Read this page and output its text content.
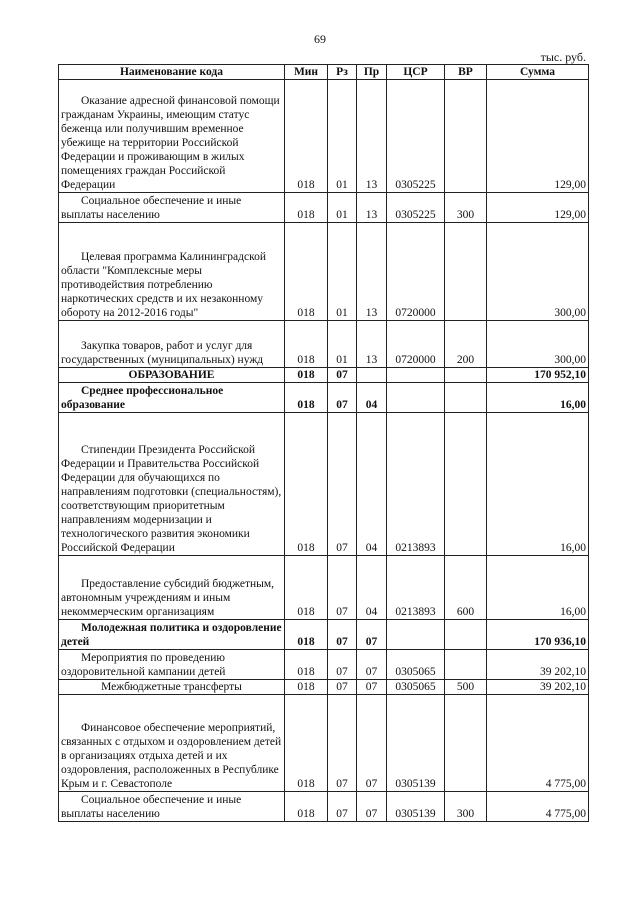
69
тыс. руб.
Наименование кода	Мин	Рз	Пр	ЦСР	ВР	Сумма
Оказание адресной финансовой помощи гражданам Украины, имеющим статус беженца или получившим временное убежище на территории Российской Федерации и проживающим в жилых помещениях граждан Российской Федерации	018	01	13	0305225		129,00
Социальное обеспечение и иные выплаты населению	018	01	13	0305225	300	129,00
Целевая программа Калининградской области "Комплексные меры противодействия потреблению наркотических средств и их незаконному обороту на 2012-2016 годы"	018	01	13	0720000		300,00
Закупка товаров, работ и услуг для государственных (муниципальных) нужд	018	01	13	0720000	200	300,00
ОБРАЗОВАНИЕ	018	07				170 952,10
Среднее профессиональное образование	018	07	04			16,00
Стипендии Президента Российской Федерации и Правительства Российской Федерации для обучающихся по направлениям подготовки (специальностям), соответствующим приоритетным направлениям модернизации и технологического развития экономики Российской Федерации	018	07	04	0213893		16,00
Предоставление субсидий бюджетным, автономным учреждениям и иным некоммерческим организациям	018	07	04	0213893	600	16,00
Молодежная политика и оздоровление детей	018	07	07			170 936,10
Мероприятия по проведению оздоровительной кампании детей	018	07	07	0305065		39 202,10
Межбюджетные трансферты	018	07	07	0305065	500	39 202,10
Финансовое обеспечение мероприятий, связанных с отдыхом и оздоровлением детей в организациях отдыха детей и их оздоровления, расположенных в Республике Крым и г. Севастополе	018	07	07	0305139		4 775,00
Социальное обеспечение и иные выплаты населению	018	07	07	0305139	300	4 775,00
